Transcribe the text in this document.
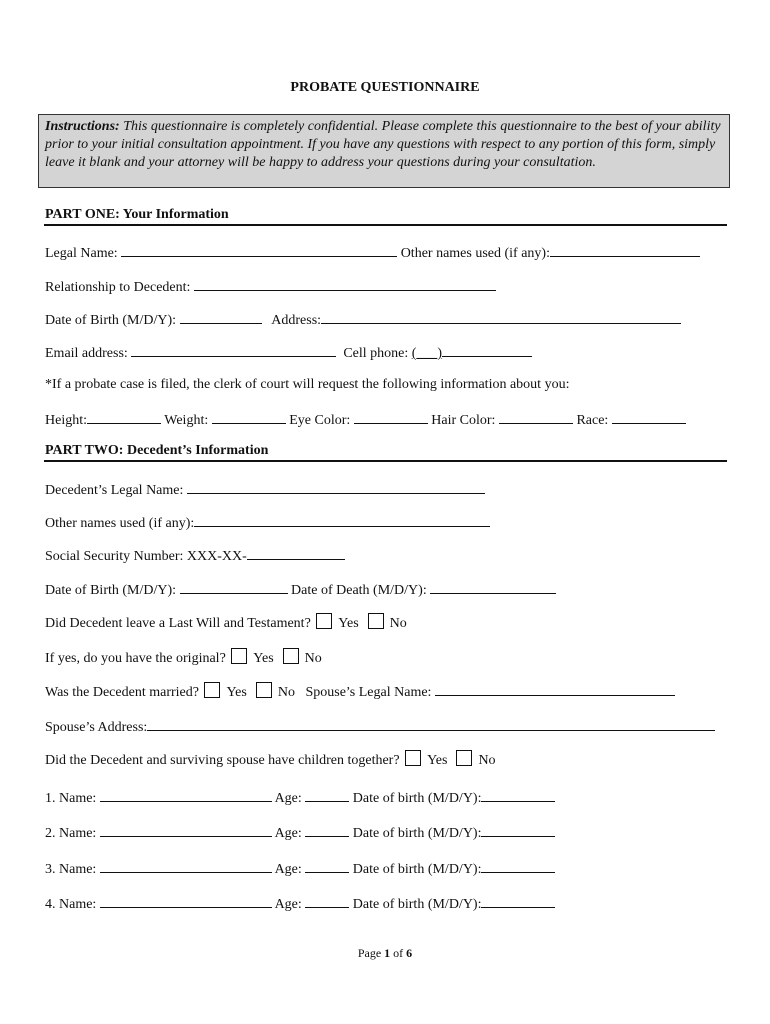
PROBATE QUESTIONNAIRE
Instructions: This questionnaire is completely confidential. Please complete this questionnaire to the best of your ability prior to your initial consultation appointment. If you have any questions with respect to any portion of this form, simply leave it blank and your attorney will be happy to address your questions during your consultation.
PART ONE: Your Information
Legal Name:	Other names used (if any):
Relationship to Decedent:
Date of Birth (M/D/Y):	Address:
Email address:	Cell phone: (___)
*If a probate case is filed, the clerk of court will request the following information about you:
Height:	Weight:	Eye Color:	Hair Color:	Race:
PART TWO: Decedent’s Information
Decedent’s Legal Name:
Other names used (if any):
Social Security Number: XXX-XX-
Date of Birth (M/D/Y):	Date of Death (M/D/Y):
Did Decedent leave a Last Will and Testament? Yes No
If yes, do you have the original? Yes No
Was the Decedent married? Yes No Spouse’s Legal Name:
Spouse’s Address:
Did the Decedent and surviving spouse have children together? Yes No
1. Name:	Age:	Date of birth (M/D/Y):
2. Name:	Age:	Date of birth (M/D/Y):
3. Name:	Age:	Date of birth (M/D/Y):
4. Name:	Age:	Date of birth (M/D/Y):
Page 1 of 6
